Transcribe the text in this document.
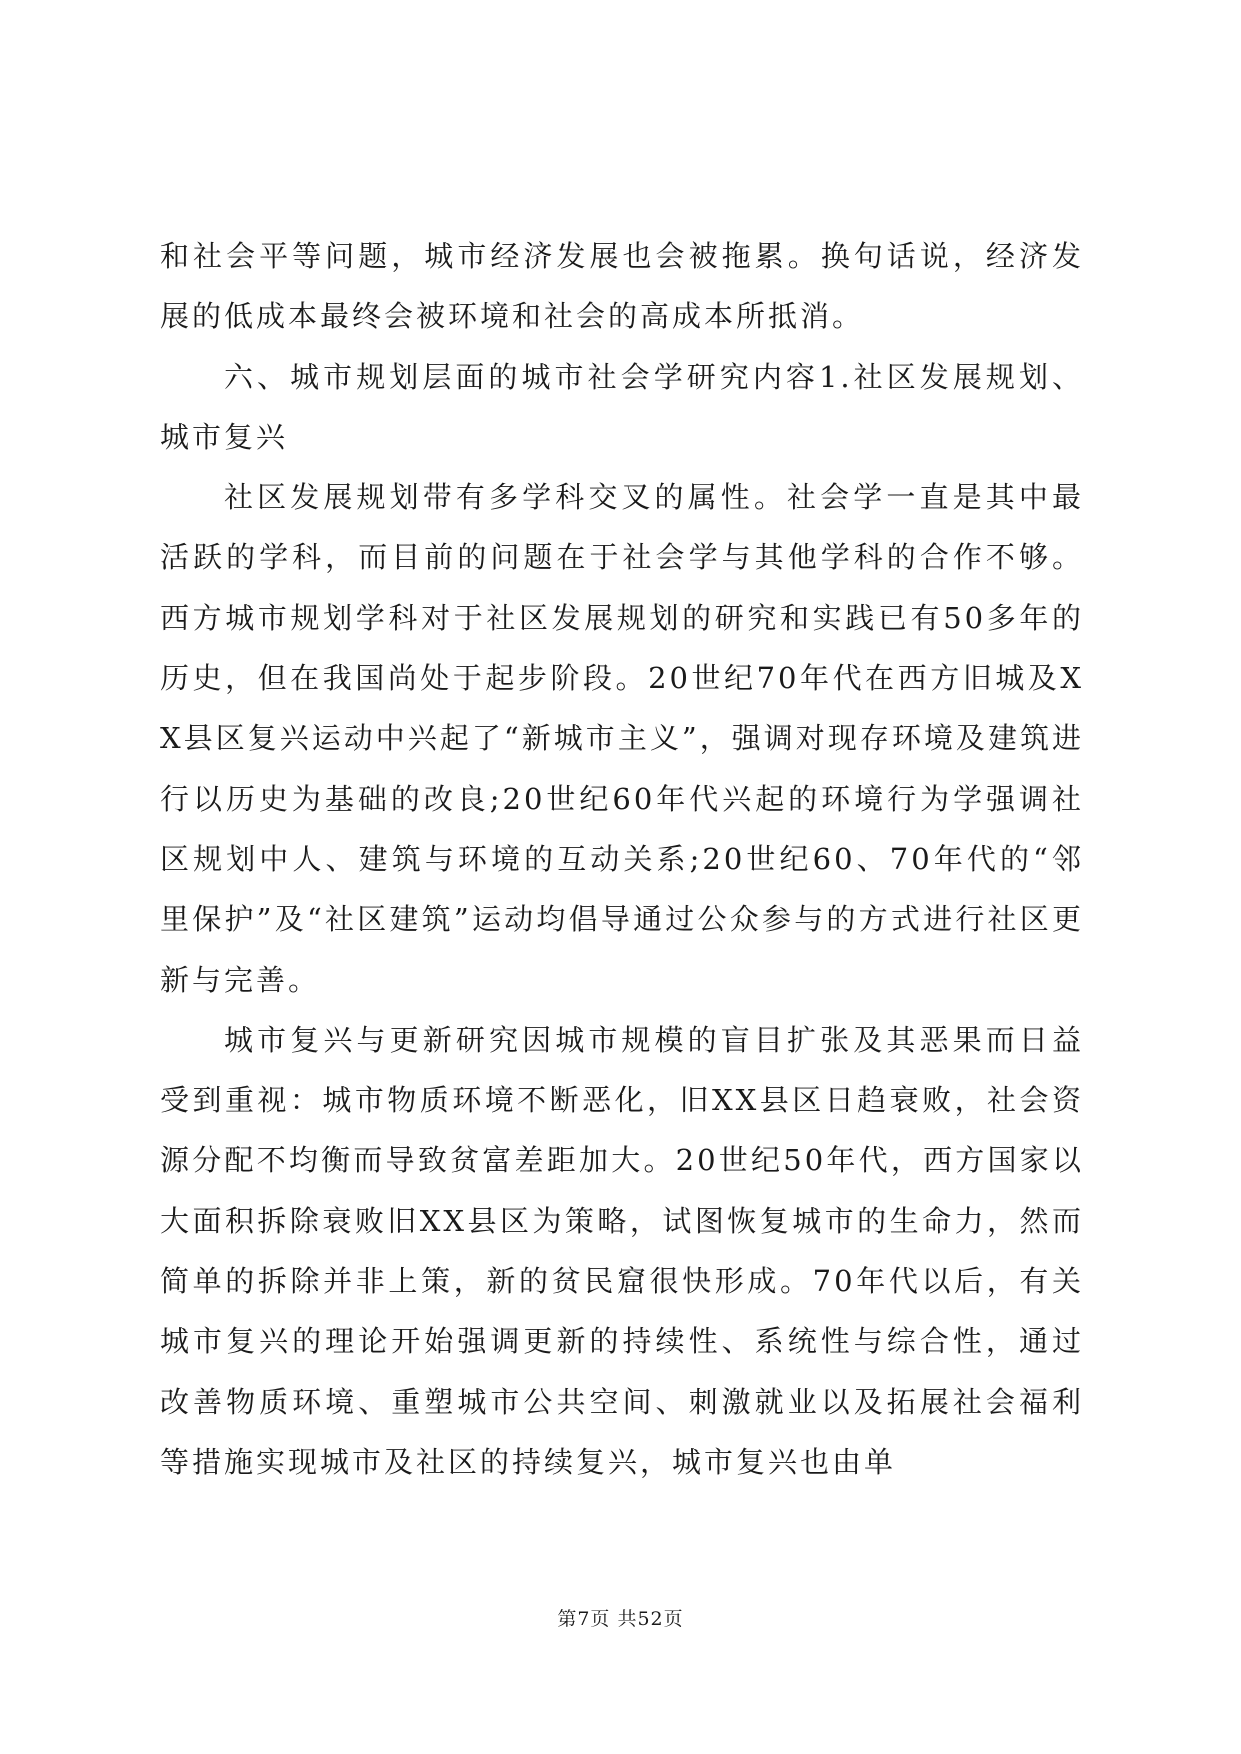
和社会平等问题，城市经济发展也会被拖累。换句话说，经济发展的低成本最终会被环境和社会的高成本所抵消。

六、城市规划层面的城市社会学研究内容1.社区发展规划、城市复兴

社区发展规划带有多学科交叉的属性。社会学一直是其中最活跃的学科，而目前的问题在于社会学与其他学科的合作不够。西方城市规划学科对于社区发展规划的研究和实践已有50多年的历史，但在我国尚处于起步阶段。20世纪70年代在西方旧城及XX县区复兴运动中兴起了“新城市主义”，强调对现存环境及建筑进行以历史为基础的改良;20世纪60年代兴起的环境行为学强调社区规划中人、建筑与环境的互动关系;20世纪60、70年代的“邻里保护”及“社区建筑”运动均倡导通过公众参与的方式进行社区更新与完善。

城市复兴与更新研究因城市规模的盲目扩张及其恶果而日益受到重视：城市物质环境不断恶化，旧XX县区日趋衰败，社会资源分配不均衡而导致贫富差距加大。20世纪50年代，西方国家以大面积拆除衰败旧XX县区为策略，试图恢复城市的生命力，然而简单的拆除并非上策，新的贫民窟很快形成。70年代以后，有关城市复兴的理论开始强调更新的持续性、系统性与综合性，通过改善物质环境、重塑城市公共空间、刺激就业以及拓展社会福利等措施实现城市及社区的持续复兴，城市复兴也由单

第7页 共52页
